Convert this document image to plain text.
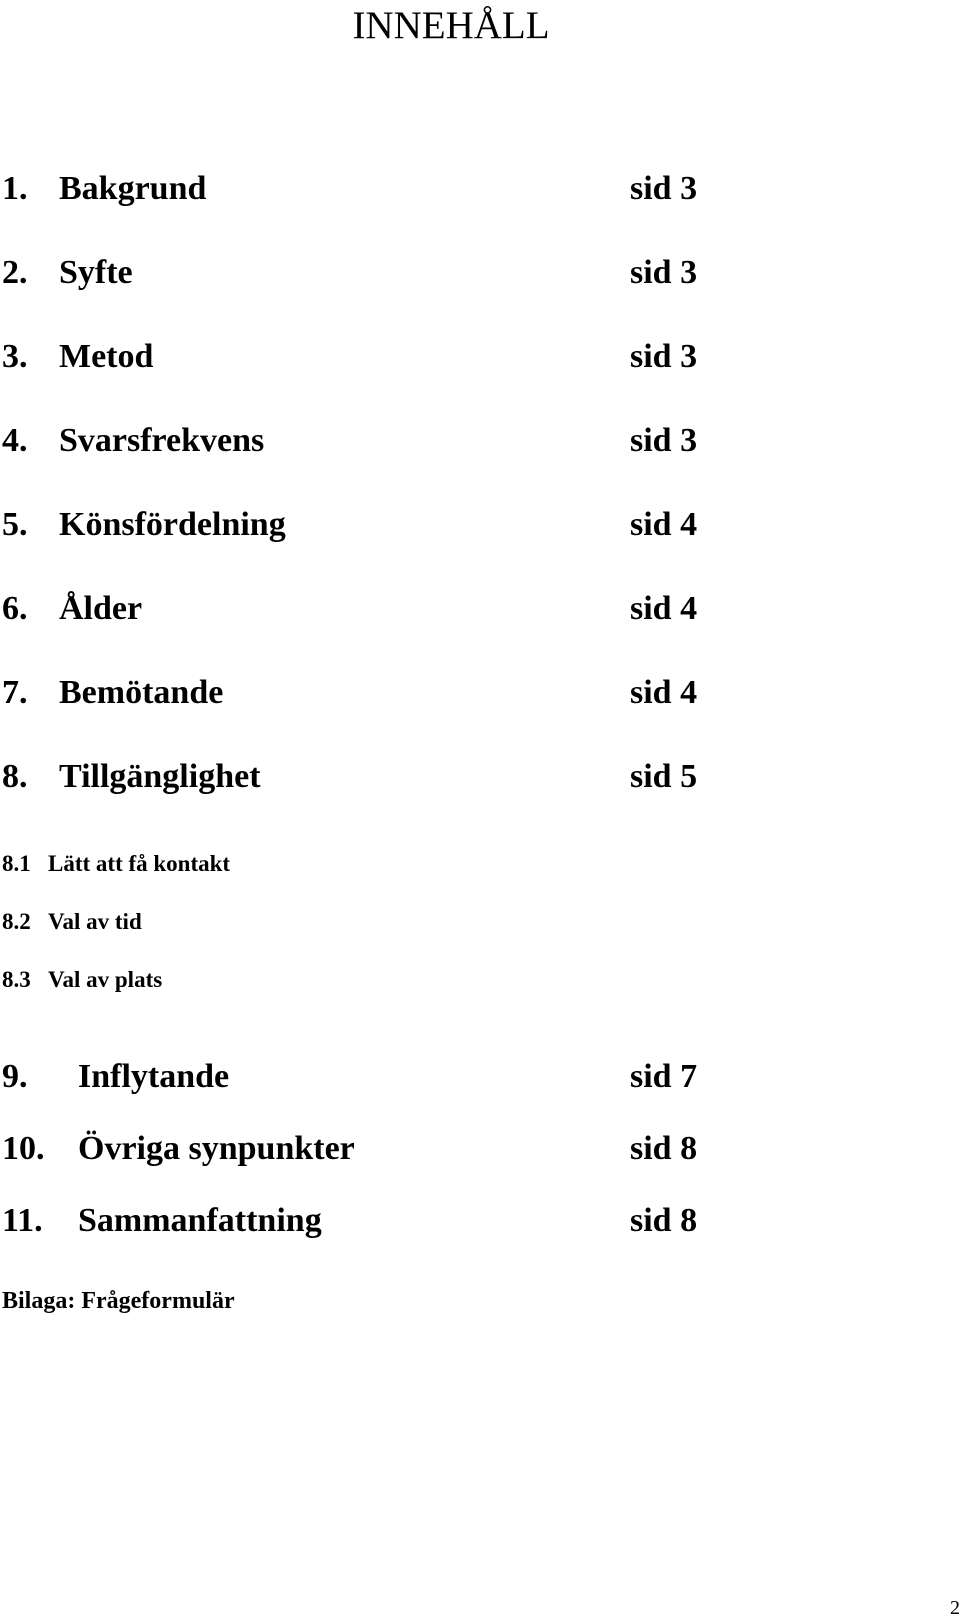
INNEHÅLL
1. Bakgrund	sid 3
2. Syfte	sid 3
3. Metod	sid 3
4. Svarsfrekvens	sid 3
5. Könsfördelning	sid 4
6. Ålder	sid 4
7. Bemötande	sid 4
8. Tillgänglighet	sid 5
8.1 Lätt att få kontakt
8.2 Val av tid
8.3 Val av plats
9. Inflytande	sid 7
10. Övriga synpunkter	sid 8
11. Sammanfattning	sid 8
Bilaga: Frågeformulär
2
